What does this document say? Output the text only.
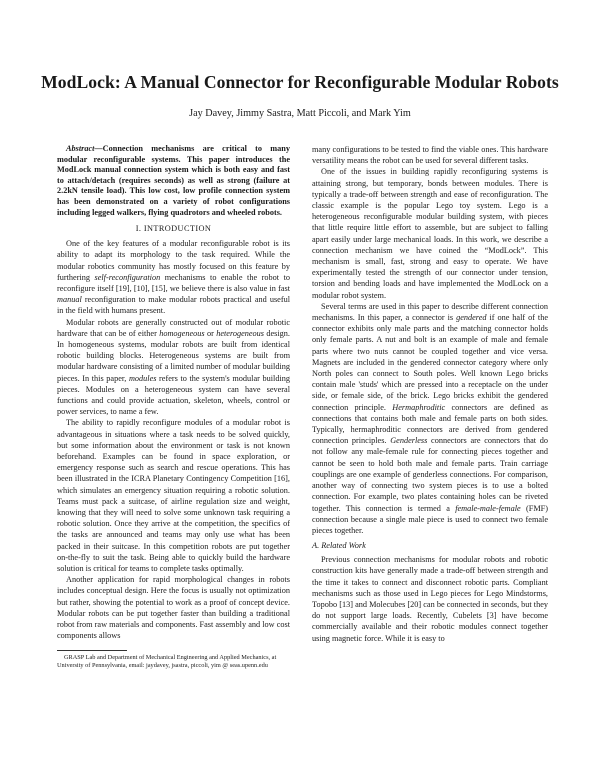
ModLock: A Manual Connector for Reconfigurable Modular Robots
Jay Davey, Jimmy Sastra, Matt Piccoli, and Mark Yim

Abstract—Connection mechanisms are critical to many modular reconfigurable systems. This paper introduces the ModLock manual connection system which is both easy and fast to attach/detach (requires seconds) as well as strong (failure at 2.2kN tensile load). This low cost, low profile connection system has been demonstrated on a variety of robot configurations including legged walkers, flying quadrotors and wheeled robots.

I. INTRODUCTION

One of the key features of a modular reconfigurable robot is its ability to adapt its morphology to the task required. While the modular robotics community has mostly focused on this feature by furthering self-reconfiguration mechanisms to enable the robot to reconfigure itself [19], [10], [15], we believe there is also value in fast manual reconfiguration to make modular robots practical and useful in the field with humans present.

Modular robots are generally constructed out of modular robotic hardware that can be of either homogeneous or heterogeneous design. In homogeneous systems, modular robots are built from identical robotic building blocks. Heterogeneous systems are built from modular hardware consisting of a limited number of modular building pieces. In this paper, modules refers to the system's modular building pieces. Modules on a heterogeneous system can have several functions and could provide actuation, skeleton, wheels, control or power services, to name a few.

The ability to rapidly reconfigure modules of a modular robot is advantageous in situations where a task needs to be solved quickly, but some information about the environment or task is not known beforehand. Examples can be found in space exploration, or emergency response such as search and rescue operations. This has been illustrated in the ICRA Planetary Contingency Competition [16], which simulates an emergency situation requiring a robotic solution. Teams must pack a suitcase, of airline regulation size and weight, knowing that they will need to solve some unknown task requiring a robotic solution. Once they arrive at the competition, the specifics of the tasks are announced and teams may only use what has been packed in their suitcase. In this competition robots are put together on-the-fly to suit the task. Being able to quickly build the hardware solution is critical for teams to complete tasks optimally.

Another application for rapid morphological changes in robots includes conceptual design. Here the focus is usually not optimization but rather, showing the potential to work as a proof of concept device. Modular robots can be put together faster than building a traditional robot from raw materials and components. Fast assembly and low cost components allows

GRASP Lab and Department of Mechanical Engineering and Applied Mechanics, at University of Pennsylvania, email: jaydavey, jsastra, piccoli, yim @ seas.upenn.edu

many configurations to be tested to find the viable ones. This hardware versatility means the robot can be used for several different tasks.

One of the issues in building rapidly reconfiguring systems is attaining strong, but temporary, bonds between modules. There is typically a trade-off between strength and ease of reconfiguration. The classic example is the popular Lego toy system. Lego is a heterogeneous reconfigurable modular building system, with pieces that little require little effort to assemble, but are subject to falling apart easily under large mechanical loads. In this work, we describe a connection mechanism we have coined the “ModLock”. This mechanism is small, fast, strong and easy to operate. We have experimentally tested the strength of our connector under tension, torsion and bending loads and have implemented the ModLock on a modular robot system.

Several terms are used in this paper to describe different connection mechanisms. In this paper, a connector is gendered if one half of the connector exhibits only male parts and the matching connector holds only female parts. A nut and bolt is an example of male and female parts where two nuts cannot be coupled together and vice versa. Magnets are included in the gendered connector category where only North poles can connect to South poles. Well known Lego bricks contain male 'studs' which are pressed into a receptacle on the under side, or female side, of the brick. Lego bricks exhibit the gendered connection principle. Hermaphroditic connectors are defined as connections that contains both male and female parts on both sides. Typically, hermaphroditic connectors are derived from gendered connection principles. Genderless connectors are connectors that do not follow any male-female rule for connecting pieces together and cannot be seen to hold both male and female parts. Train carriage couplings are one example of genderless connections. For comparison, another way of connecting two system pieces is to use a bolted connection. For example, two plates containing holes can be riveted together. This connection is termed a female-male-female (FMF) connection because a single male piece is used to connect two female pieces together.

A. Related Work

Previous connection mechanisms for modular robots and robotic construction kits have generally made a trade-off between strength and the time it takes to connect and disconnect robotic parts. Compliant mechanisms such as those used in Lego pieces for Lego Mindstorms, Topobo [13] and Molecubes [20] can be connected in seconds, but they do not support large loads. Recently, Cubelets [3] have become commercially available and their robotic modules connect together using magnetic force. While it is easy to
